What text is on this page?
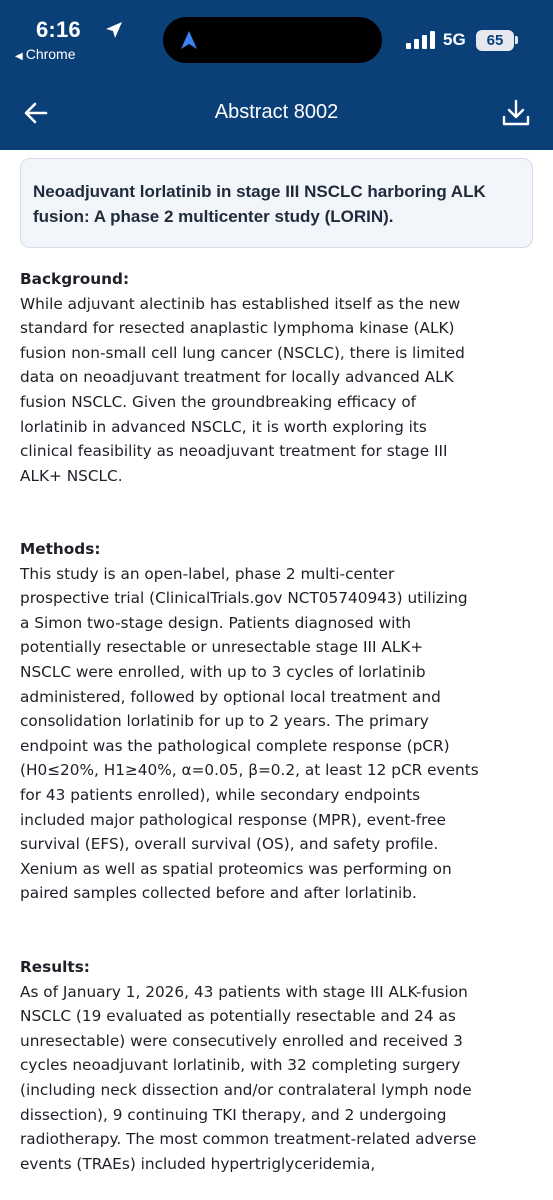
6:16
◀ Chrome
5G	65
Abstract 8002

Neoadjuvant lorlatinib in stage III NSCLC harboring ALK
fusion: A phase 2 multicenter study (LORIN).

Background:

While adjuvant alectinib has established itself as the new
standard for resected anaplastic lymphoma kinase (ALK)
fusion non-small cell lung cancer (NSCLC), there is limited
data on neoadjuvant treatment for locally advanced ALK
fusion NSCLC. Given the groundbreaking efficacy of
lorlatinib in advanced NSCLC, it is worth exploring its
clinical feasibility as neoadjuvant treatment for stage III
ALK+ NSCLC.

Methods:

This study is an open-label, phase 2 multi-center
prospective trial (ClinicalTrials.gov NCT05740943) utilizing
a Simon two-stage design. Patients diagnosed with
potentially resectable or unresectable stage III ALK+
NSCLC were enrolled, with up to 3 cycles of lorlatinib
administered, followed by optional local treatment and
consolidation lorlatinib for up to 2 years. The primary
endpoint was the pathological complete response (pCR)
(H0≤20%, H1≥40%, α=0.05, β=0.2, at least 12 pCR events
for 43 patients enrolled), while secondary endpoints
included major pathological response (MPR), event-free
survival (EFS), overall survival (OS), and safety profile.
Xenium as well as spatial proteomics was performing on
paired samples collected before and after lorlatinib.

Results:

As of January 1, 2026, 43 patients with stage III ALK-fusion
NSCLC (19 evaluated as potentially resectable and 24 as
unresectable) were consecutively enrolled and received 3
cycles neoadjuvant lorlatinib, with 32 completing surgery
(including neck dissection and/or contralateral lymph node
dissection), 9 continuing TKI therapy, and 2 undergoing
radiotherapy. The most common treatment-related adverse
events (TRAEs) included hypertriglyceridemia,
